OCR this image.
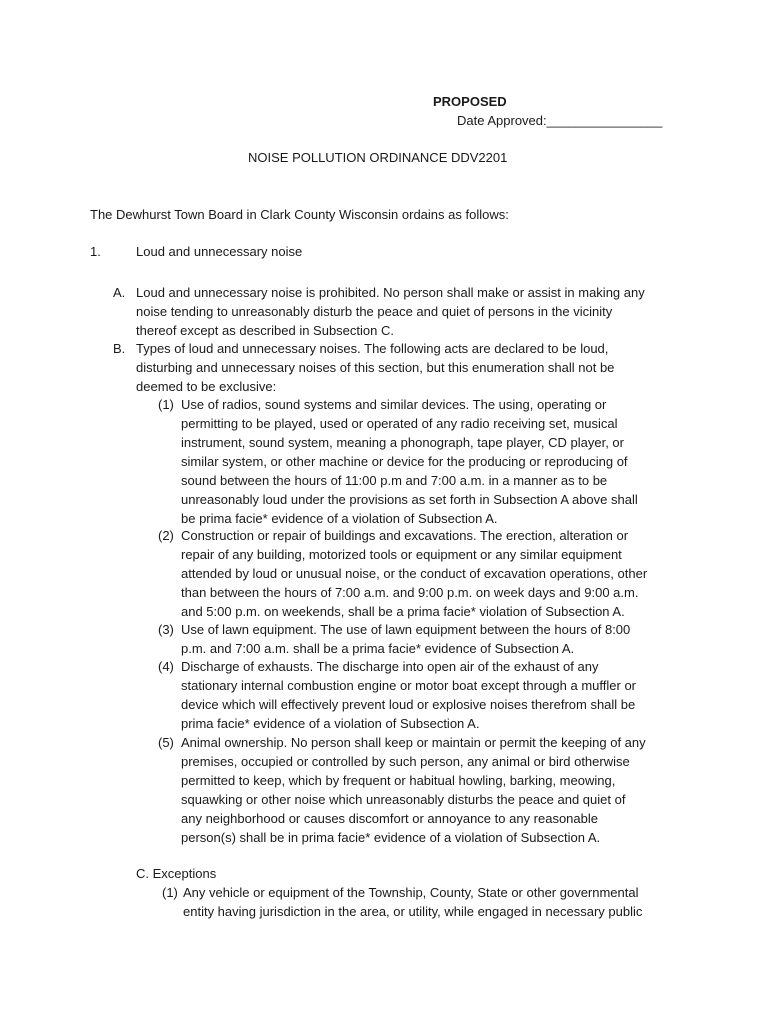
PROPOSED
Date Approved:________________
NOISE POLLUTION ORDINANCE DDV2201
The Dewhurst Town Board in Clark County Wisconsin ordains as follows:
1.	Loud and unnecessary noise
A. Loud and unnecessary noise is prohibited. No person shall make or assist in making any
noise tending to unreasonably disturb the peace and quiet of persons in the vicinity
thereof except as described in Subsection C.
B. Types of loud and unnecessary noises. The following acts are declared to be loud,
disturbing and unnecessary noises of this section, but this enumeration shall not be
deemed to be exclusive:
(1) Use of radios, sound systems and similar devices. The using, operating or
permitting to be played, used or operated of any radio receiving set, musical
instrument, sound system, meaning a phonograph, tape player, CD player, or
similar system, or other machine or device for the producing or reproducing of
sound between the hours of 11:00 p.m and 7:00 a.m. in a manner as to be
unreasonably loud under the provisions as set forth in Subsection A above shall
be prima facie* evidence of a violation of Subsection A.
(2) Construction or repair of buildings and excavations. The erection, alteration or
repair of any building, motorized tools or equipment or any similar equipment
attended by loud or unusual noise, or the conduct of excavation operations, other
than between the hours of 7:00 a.m. and 9:00 p.m. on week days and 9:00 a.m.
and 5:00 p.m. on weekends, shall be a prima facie* violation of Subsection A.
(3) Use of lawn equipment. The use of lawn equipment between the hours of 8:00
p.m. and 7:00 a.m. shall be a prima facie* evidence of Subsection A.
(4) Discharge of exhausts. The discharge into open air of the exhaust of any
stationary internal combustion engine or motor boat except through a muffler or
device which will effectively prevent loud or explosive noises therefrom shall be
prima facie* evidence of a violation of Subsection A.
(5) Animal ownership. No person shall keep or maintain or permit the keeping of any
premises, occupied or controlled by such person, any animal or bird otherwise
permitted to keep, which by frequent or habitual howling, barking, meowing,
squawking or other noise which unreasonably disturbs the peace and quiet of
any neighborhood or causes discomfort or annoyance to any reasonable
person(s) shall be in prima facie* evidence of a violation of Subsection A.
C. Exceptions
(1) Any vehicle or equipment of the Township, County, State or other governmental
entity having jurisdiction in the area, or utility, while engaged in necessary public
